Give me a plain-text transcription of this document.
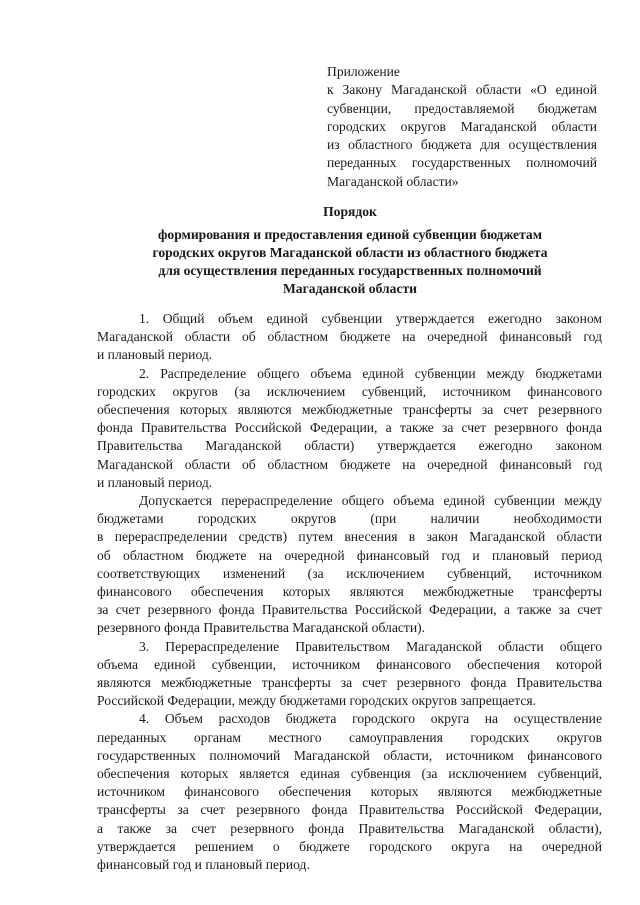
Приложение
к Закону Магаданской области «О единой
субвенции, предоставляемой бюджетам
городских округов Магаданской области
из областного бюджета для осуществления
переданных государственных полномочий
Магаданской области»
Порядок
формирования и предоставления единой субвенции бюджетам
городских округов Магаданской области из областного бюджета
для осуществления переданных государственных полномочий
Магаданской области
1. Общий объем единой субвенции утверждается ежегодно законом
Магаданской области об областном бюджете на очередной финансовый год
и плановый период.
2. Распределение общего объема единой субвенции между бюджетами
городских округов (за исключением субвенций, источником финансового
обеспечения которых являются межбюджетные трансферты за счет резервного
фонда Правительства Российской Федерации, а также за счет резервного фонда
Правительства Магаданской области) утверждается ежегодно законом
Магаданской области об областном бюджете на очередной финансовый год
и плановый период.
Допускается перераспределение общего объема единой субвенции между
бюджетами городских округов (при наличии необходимости
в перераспределении средств) путем внесения в закон Магаданской области
об областном бюджете на очередной финансовый год и плановый период
соответствующих изменений (за исключением субвенций, источником
финансового обеспечения которых являются межбюджетные трансферты
за счет резервного фонда Правительства Российской Федерации, а также за счет
резервного фонда Правительства Магаданской области).
3. Перераспределение Правительством Магаданской области общего
объема единой субвенции, источником финансового обеспечения которой
являются межбюджетные трансферты за счет резервного фонда Правительства
Российской Федерации, между бюджетами городских округов запрещается.
4. Объем расходов бюджета городского округа на осуществление
переданных органам местного самоуправления городских округов
государственных полномочий Магаданской области, источником финансового
обеспечения которых является единая субвенция (за исключением субвенций,
источником финансового обеспечения которых являются межбюджетные
трансферты за счет резервного фонда Правительства Российской Федерации,
а также за счет резервного фонда Правительства Магаданской области),
утверждается решением о бюджете городского округа на очередной
финансовый год и плановый период.
